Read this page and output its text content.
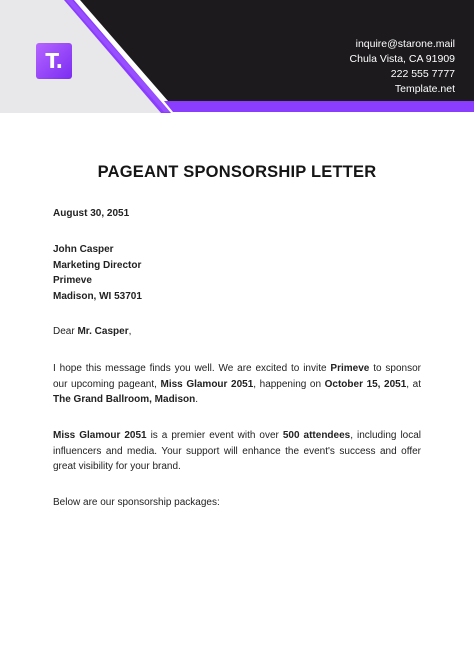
T.
inquire@starone.mail
Chula Vista, CA 91909
222 555 7777
Template.net
PAGEANT SPONSORSHIP LETTER
August 30, 2051
John Casper
Marketing Director
Primeve
Madison, WI 53701
Dear Mr. Casper,
I hope this message finds you well. We are excited to invite Primeve to sponsor our upcoming pageant, Miss Glamour 2051, happening on October 15, 2051, at The Grand Ballroom, Madison.
Miss Glamour 2051 is a premier event with over 500 attendees, including local influencers and media. Your support will enhance the event's success and offer great visibility for your brand.
Below are our sponsorship packages:
